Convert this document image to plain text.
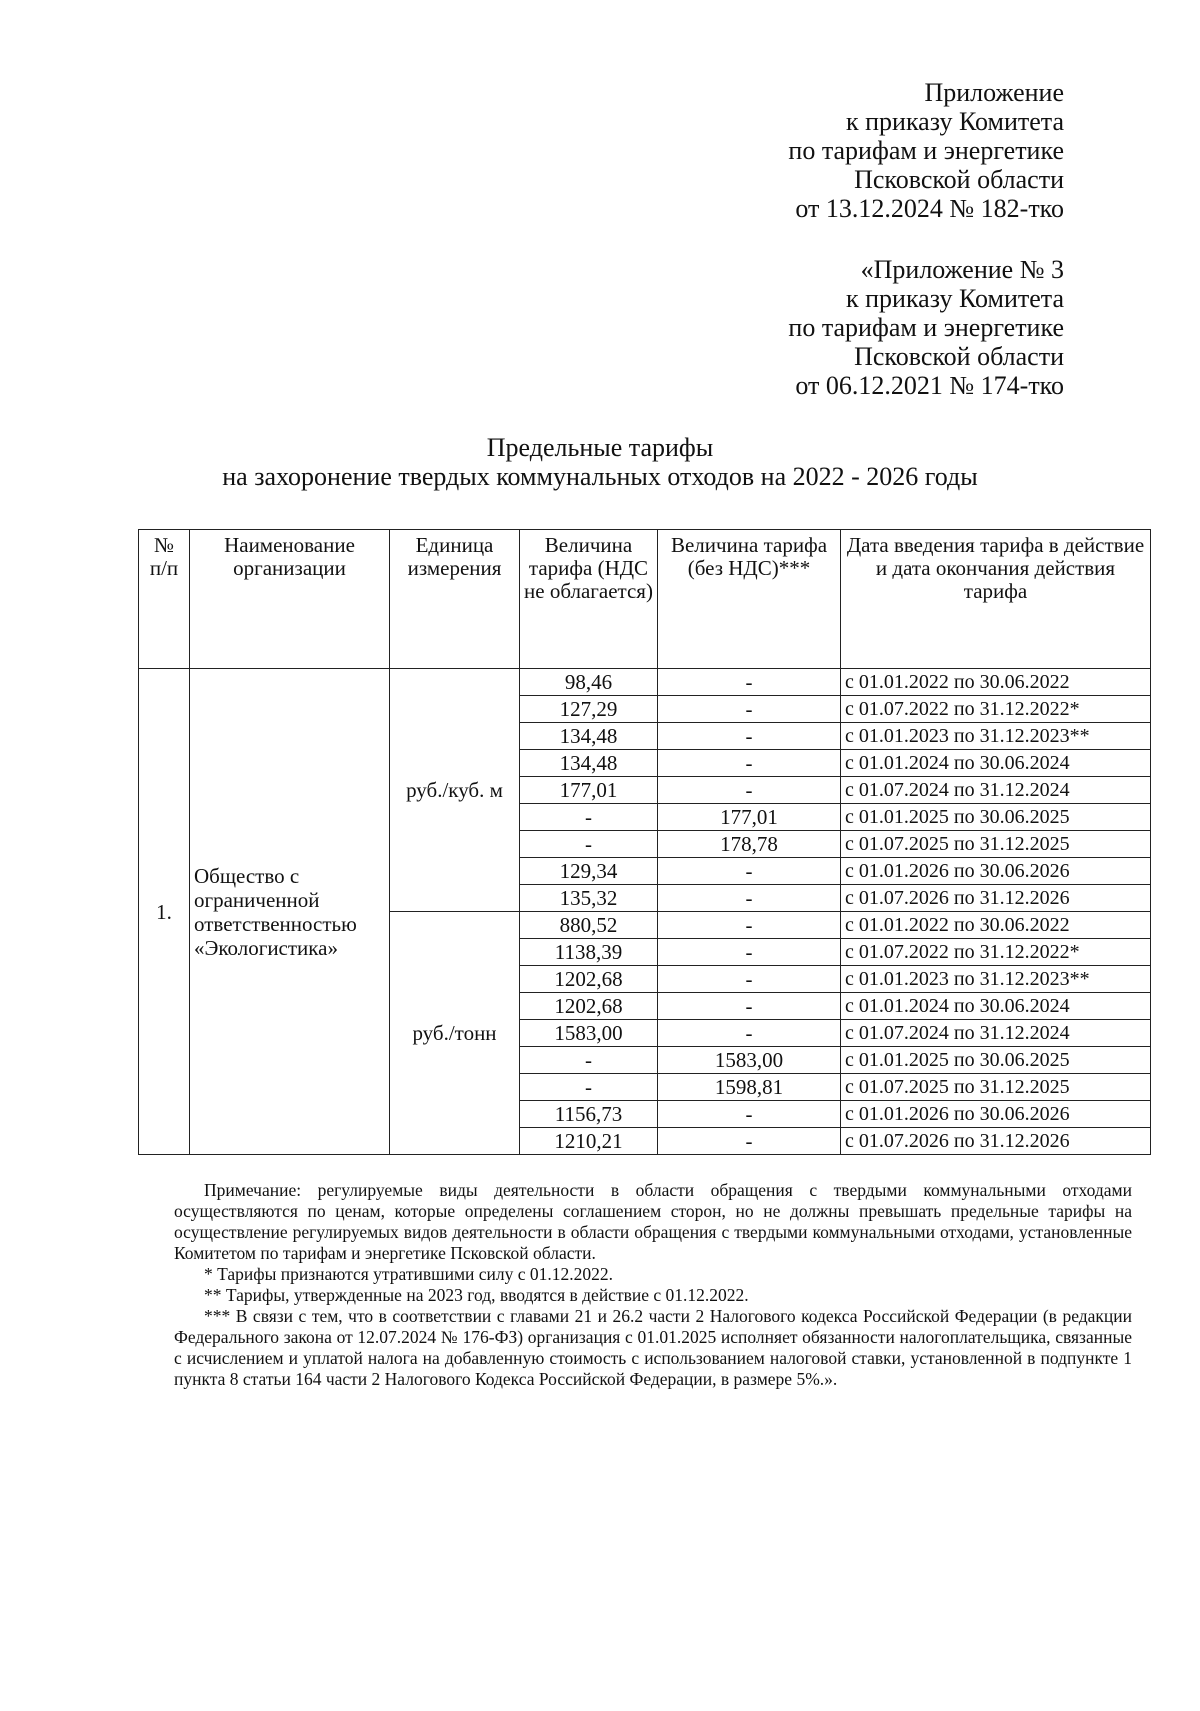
Приложение
к приказу Комитета
по тарифам и энергетике
Псковской области
от 13.12.2024 № 182-тко
«Приложение № 3
к приказу Комитета
по тарифам и энергетике
Псковской области
от 06.12.2021 № 174-тко
Предельные тарифы
на захоронение твердых коммунальных отходов на 2022 - 2026 годы
№ п/п	Наименование организации	Единица измерения	Величина тарифа (НДС не облагается)	Величина тарифа (без НДС)***	Дата введения тарифа в действие и дата окончания действия тарифа
1.	Общество с ограниченной ответственностью «Экологистика»	руб./куб. м	98,46	-	с 01.01.2022 по 30.06.2022
			127,29	-	с 01.07.2022 по 31.12.2022*
			134,48	-	с 01.01.2023 по 31.12.2023**
			134,48	-	с 01.01.2024 по 30.06.2024
			177,01	-	с 01.07.2024 по 31.12.2024
			-	177,01	с 01.01.2025 по 30.06.2025
			-	178,78	с 01.07.2025 по 31.12.2025
			129,34	-	с 01.01.2026 по 30.06.2026
			135,32	-	с 01.07.2026 по 31.12.2026
		руб./тонн	880,52	-	с 01.01.2022 по 30.06.2022
			1138,39	-	с 01.07.2022 по 31.12.2022*
			1202,68	-	с 01.01.2023 по 31.12.2023**
			1202,68	-	с 01.01.2024 по 30.06.2024
			1583,00	-	с 01.07.2024 по 31.12.2024
			-	1583,00	с 01.01.2025 по 30.06.2025
			-	1598,81	с 01.07.2025 по 31.12.2025
			1156,73	-	с 01.01.2026 по 30.06.2026
			1210,21	-	с 01.07.2026 по 31.12.2026

Примечание: регулируемые виды деятельности в области обращения с твердыми коммунальными отходами осуществляются по ценам, которые определены соглашением сторон, но не должны превышать предельные тарифы на осуществление регулируемых видов деятельности в области обращения с твердыми коммунальными отходами, установленные Комитетом по тарифам и энергетике Псковской области.

* Тарифы признаются утратившими силу с 01.12.2022.

** Тарифы, утвержденные на 2023 год, вводятся в действие с 01.12.2022.

*** В связи с тем, что в соответствии с главами 21 и 26.2 части 2 Налогового кодекса Российской Федерации (в редакции Федерального закона от 12.07.2024 № 176-ФЗ) организация с 01.01.2025 исполняет обязанности налогоплательщика, связанные с исчислением и уплатой налога на добавленную стоимость с использованием налоговой ставки, установленной в подпункте 1 пункта 8 статьи 164 части 2 Налогового Кодекса Российской Федерации, в размере 5%.».
